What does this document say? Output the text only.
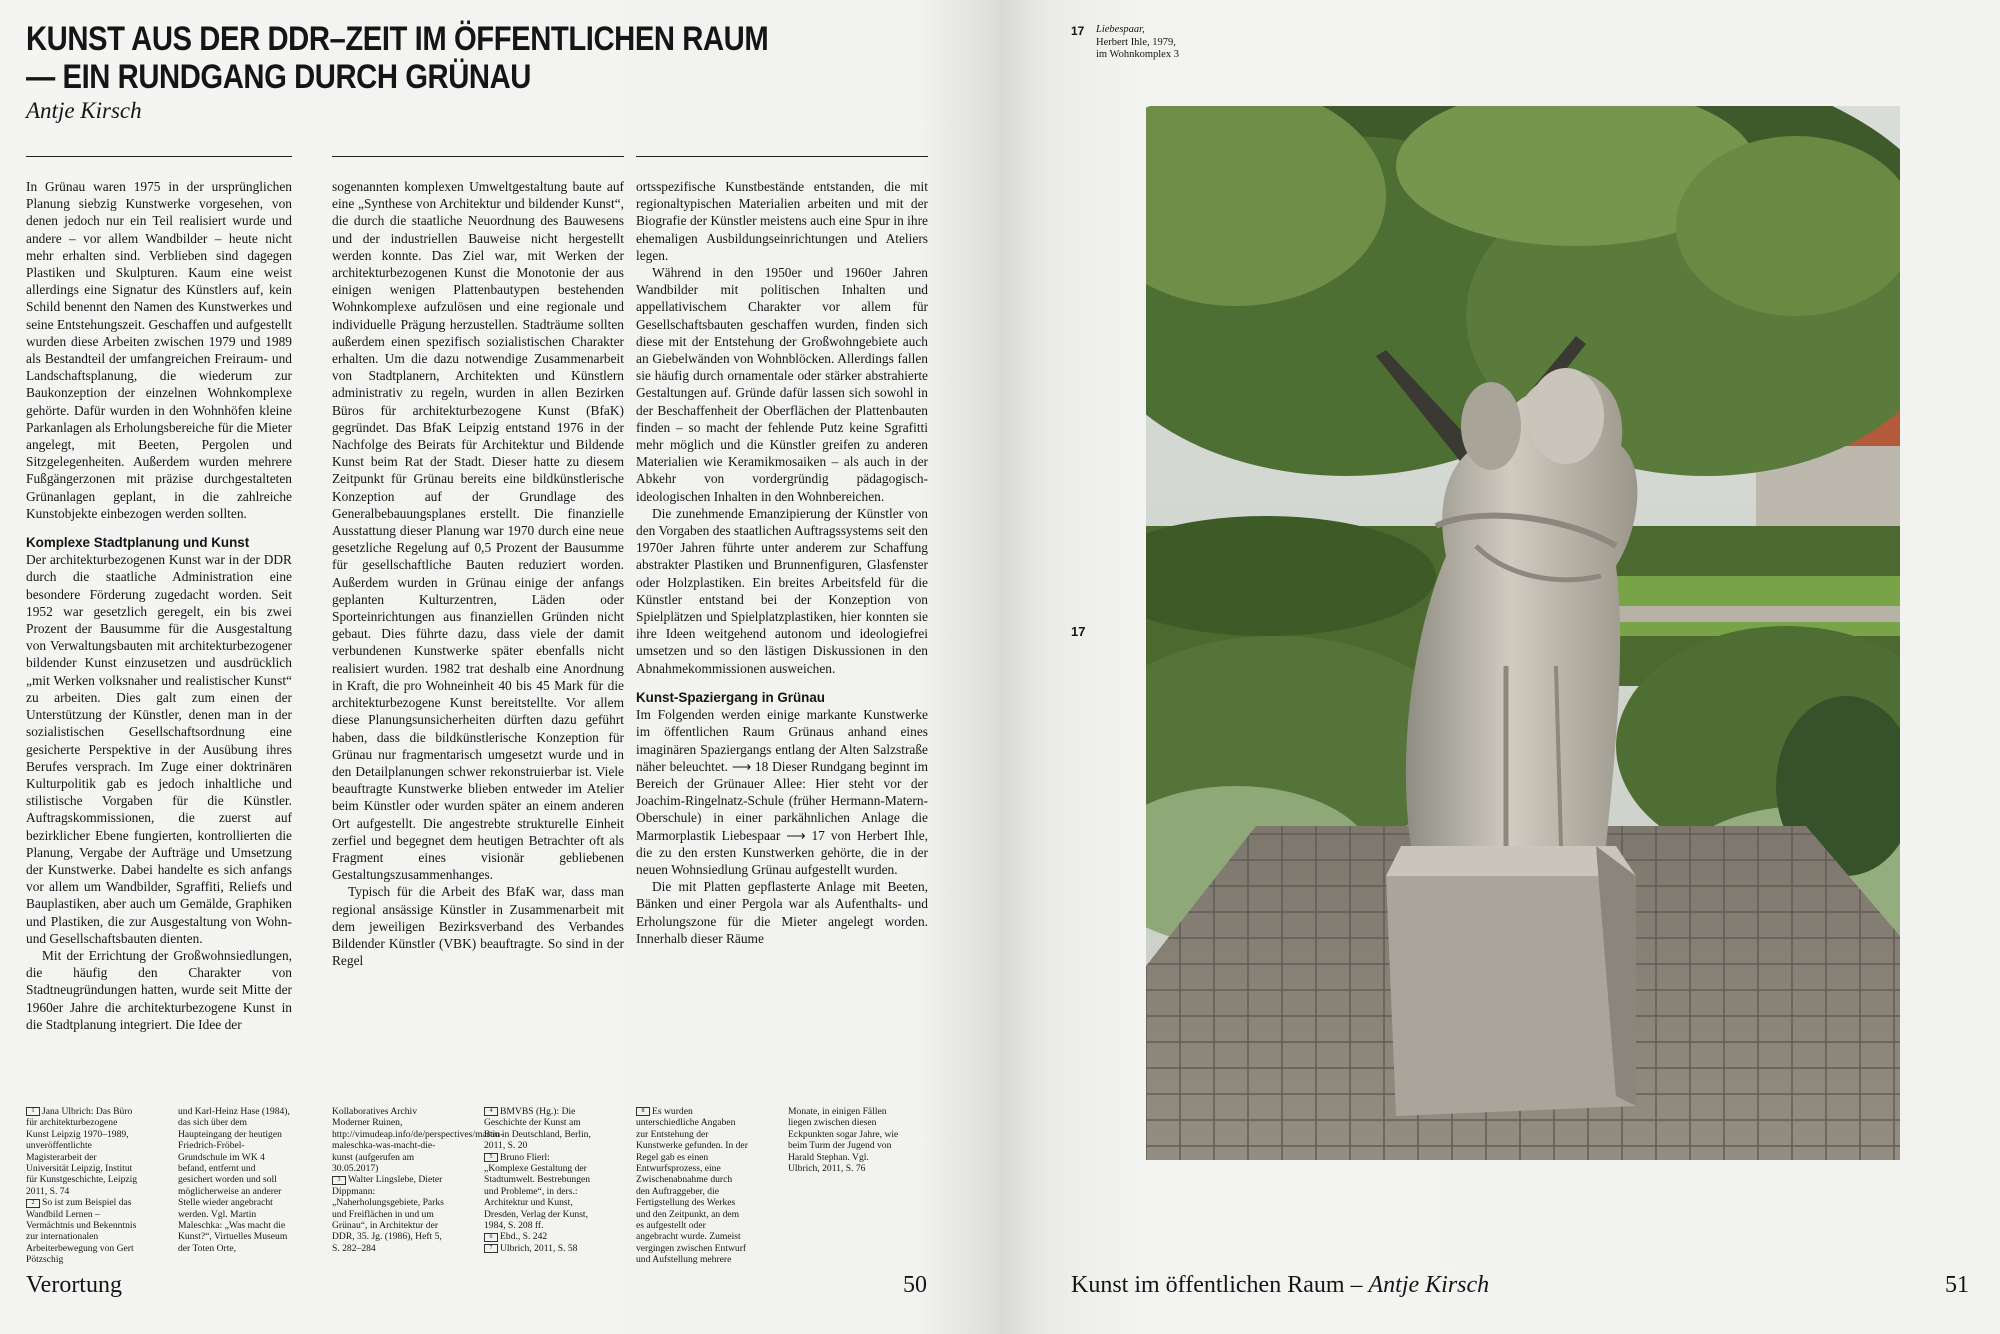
KUNST AUS DER DDR–ZEIT IM ÖFFENTLICHEN RAUM
— EIN RUNDGANG DURCH GRÜNAU
Antje Kirsch

In Grünau waren 1975 in der ursprünglichen Planung siebzig Kunstwerke vorgesehen, von denen jedoch nur ein Teil realisiert wurde und andere – vor allem Wandbilder – heute nicht mehr erhalten sind. Verblieben sind dagegen Plastiken und Skulpturen. Kaum eine weist allerdings eine Signatur des Künstlers auf, kein Schild benennt den Namen des Kunstwerkes und seine Entstehungszeit. Geschaffen und aufgestellt wurden diese Arbeiten zwischen 1979 und 1989 als Bestandteil der umfangreichen Freiraum- und Landschaftsplanung, die wiederum zur Baukonzeption der einzelnen Wohnkomplexe gehörte. Dafür wurden in den Wohnhöfen kleine Parkanlagen als Erholungsbereiche für die Mieter angelegt, mit Beeten, Pergolen und Sitzgelegenheiten. Außerdem wurden mehrere Fußgängerzonen mit präzise durchgestalteten Grünanlagen geplant, in die zahlreiche Kunstobjekte einbezogen werden sollten.

Komplexe Stadtplanung und Kunst

Der architekturbezogenen Kunst war in der DDR durch die staatliche Administration eine besondere Förderung zugedacht worden. Seit 1952 war gesetzlich geregelt, ein bis zwei Prozent der Bausumme für die Ausgestaltung von Verwaltungsbauten mit architekturbezogener bildender Kunst einzusetzen und ausdrücklich „mit Werken volksnaher und realistischer Kunst“ zu arbeiten. Dies galt zum einen der Unterstützung der Künstler, denen man in der sozialistischen Gesellschaftsordnung eine gesicherte Perspektive in der Ausübung ihres Berufes versprach. Im Zuge einer doktrinären Kulturpolitik gab es jedoch inhaltliche und stilistische Vorgaben für die Künstler. Auftragskommissionen, die zuerst auf bezirklicher Ebene fungierten, kontrollierten die Planung, Vergabe der Aufträge und Umsetzung der Kunstwerke. Dabei handelte es sich anfangs vor allem um Wandbilder, Sgraffiti, Reliefs und Bauplastiken, aber auch um Gemälde, Graphiken und Plastiken, die zur Ausgestaltung von Wohn- und Gesellschaftsbauten dienten.

Mit der Errichtung der Großwohnsiedlungen, die häufig den Charakter von Stadtneugründungen hatten, wurde seit Mitte der 1960er Jahre die architekturbezogene Kunst in die Stadtplanung integriert. Die Idee der

sogenannten komplexen Umweltgestaltung baute auf eine „Synthese von Architektur und bildender Kunst“, die durch die staatliche Neuordnung des Bauwesens und der industriellen Bauweise nicht hergestellt werden konnte. Das Ziel war, mit Werken der architekturbezogenen Kunst die Monotonie der aus einigen wenigen Plattenbautypen bestehenden Wohnkomplexe aufzulösen und eine regionale und individuelle Prägung herzustellen. Stadträume sollten außerdem einen spezifisch sozialistischen Charakter erhalten. Um die dazu notwendige Zusammenarbeit von Stadtplanern, Architekten und Künstlern administrativ zu regeln, wurden in allen Bezirken Büros für architekturbezogene Kunst (BfaK) gegründet. Das BfaK Leipzig entstand 1976 in der Nachfolge des Beirats für Architektur und Bildende Kunst beim Rat der Stadt. Dieser hatte zu diesem Zeitpunkt für Grünau bereits eine bildkünstlerische Konzeption auf der Grundlage des Generalbebauungsplanes erstellt. Die finanzielle Ausstattung dieser Planung war 1970 durch eine neue gesetzliche Regelung auf 0,5 Prozent der Bausumme für gesellschaftliche Bauten reduziert worden. Außerdem wurden in Grünau einige der anfangs geplanten Kulturzentren, Läden oder Sporteinrichtungen aus finanziellen Gründen nicht gebaut. Dies führte dazu, dass viele der damit verbundenen Kunstwerke später ebenfalls nicht realisiert wurden. 1982 trat deshalb eine Anordnung in Kraft, die pro Wohneinheit 40 bis 45 Mark für die architekturbezogene Kunst bereitstellte. Vor allem diese Planungsunsicherheiten dürften dazu geführt haben, dass die bildkünstlerische Konzeption für Grünau nur fragmentarisch umgesetzt wurde und in den Detailplanungen schwer rekonstruierbar ist. Viele beauftragte Kunstwerke blieben entweder im Atelier beim Künstler oder wurden später an einem anderen Ort aufgestellt. Die angestrebte strukturelle Einheit zerfiel und begegnet dem heutigen Betrachter oft als Fragment eines visionär gebliebenen Gestaltungszusammenhanges.

Typisch für die Arbeit des BfaK war, dass man regional ansässige Künstler in Zusammenarbeit mit dem jeweiligen Bezirksverband des Verbandes Bildender Künstler (VBK) beauftragte. So sind in der Regel

ortsspezifische Kunstbestände entstanden, die mit regionaltypischen Materialien arbeiten und mit der Biografie der Künstler meistens auch eine Spur in ihre ehemaligen Ausbildungseinrichtungen und Ateliers legen.

Während in den 1950er und 1960er Jahren Wandbilder mit politischen Inhalten und appellativischem Charakter vor allem für Gesellschaftsbauten geschaffen wurden, finden sich diese mit der Entstehung der Großwohngebiete auch an Giebelwänden von Wohnblöcken. Allerdings fallen sie häufig durch ornamentale oder stärker abstrahierte Gestaltungen auf. Gründe dafür lassen sich sowohl in der Beschaffenheit der Oberflächen der Plattenbauten finden – so macht der fehlende Putz keine Sgrafitti mehr möglich und die Künstler greifen zu anderen Materialien wie Keramikmosaiken – als auch in der Abkehr von vordergründig pädagogisch-ideologischen Inhalten in den Wohnbereichen.

Die zunehmende Emanzipierung der Künstler von den Vorgaben des staatlichen Auftragssystems seit den 1970er Jahren führte unter anderem zur Schaffung abstrakter Plastiken und Brunnenfiguren, Glasfenster oder Holzplastiken. Ein breites Arbeitsfeld für die Künstler entstand bei der Konzeption von Spielplätzen und Spielplatzplastiken, hier konnten sie ihre Ideen weitgehend autonom und ideologiefrei umsetzen und so den lästigen Diskussionen in den Abnahmekommissionen ausweichen.

Kunst-Spaziergang in Grünau

Im Folgenden werden einige markante Kunstwerke im öffentlichen Raum Grünaus anhand eines imaginären Spaziergangs entlang der Alten Salzstraße näher beleuchtet. ⟶ 18 Dieser Rundgang beginnt im Bereich der Grünauer Allee: Hier steht vor der Joachim-Ringelnatz-Schule (früher Hermann-Matern-Oberschule) in einer parkähnlichen Anlage die Marmorplastik Liebespaar ⟶ 17 von Herbert Ihle, die zu den ersten Kunstwerken gehörte, die in der neuen Wohnsiedlung Grünau aufgestellt wurden.

Die mit Platten gepflasterte Anlage mit Beeten, Bänken und einer Pergola war als Aufenthalts- und Erholungszone für die Mieter angelegt worden. Innerhalb dieser Räume

1 Jana Ulbrich: Das Büro für architekturbezogene Kunst Leipzig 1970–1989, unveröffentlichte Magisterarbeit der Universität Leipzig, Institut für Kunstgeschichte, Leipzig 2011, S. 74
2 So ist zum Beispiel das Wandbild Lernen – Vermächtnis und Bekenntnis zur internationalen Arbeiterbewegung von Gert Pötzschig
und Karl-Heinz Hase (1984), das sich über dem Haupteingang der heutigen Friedrich-Fröbel-Grundschule im WK 4 befand, entfernt und gesichert worden und soll möglicherweise an anderer Stelle wieder angebracht werden. Vgl. Martin Maleschka: „Was macht die Kunst?“, Virtuelles Museum der Toten Orte,
Kollaboratives Archiv Moderner Ruinen, http://vimudeap.info/de/perspectives/martin-maleschka-was-macht-die-kunst (aufgerufen am 30.05.2017)
3 Walter Lingslebe, Dieter Dippmann: „Naherholungsgebiete, Parks und Freiflächen in und um Grünau“, in Architektur der DDR, 35. Jg. (1986), Heft 5, S. 282–284
4 BMVBS (Hg.): Die Geschichte der Kunst am Bau in Deutschland, Berlin, 2011, S. 20
5 Bruno Flierl: „Komplexe Gestaltung der Stadtumwelt. Bestrebungen und Probleme“, in ders.: Architektur und Kunst, Dresden, Verlag der Kunst, 1984, S. 208 ff.
6 Ebd., S. 242
7 Ulbrich, 2011, S. 58
8 Es wurden unterschiedliche Angaben zur Entstehung der Kunstwerke gefunden. In der Regel gab es einen Entwurfsprozess, eine Zwischenabnahme durch den Auftraggeber, die Fertigstellung des Werkes und den Zeitpunkt, an dem es aufgestellt oder angebracht wurde. Zumeist vergingen zwischen Entwurf und Aufstellung mehrere
Monate, in einigen Fällen liegen zwischen diesen Eckpunkten sogar Jahre, wie beim Turm der Jugend von Harald Stephan. Vgl. Ulbrich, 2011, S. 76
Verortung	50
17 Liebespaar,
Herbert Ihle, 1979,
im Wohnkomplex 3
17
Kunst im öffentlichen Raum – Antje Kirsch	51
